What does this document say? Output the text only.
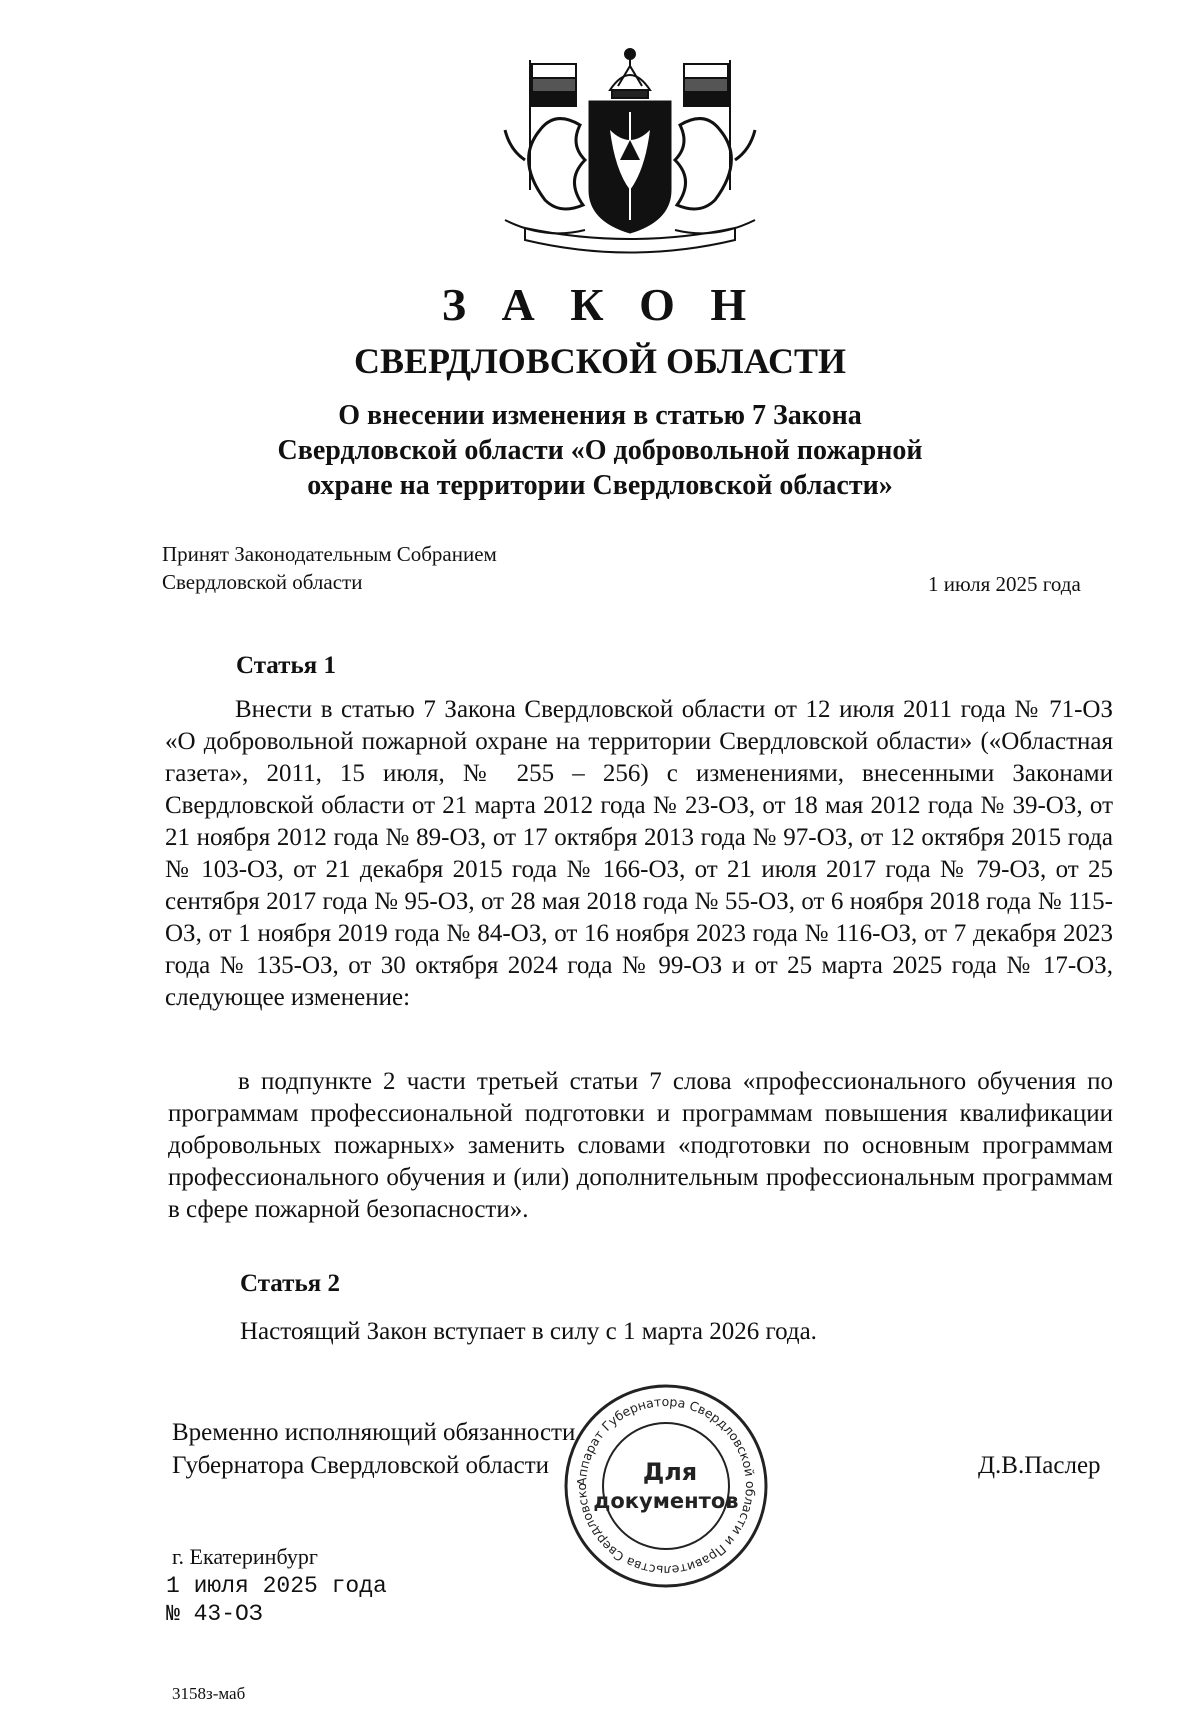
З А К О Н
СВЕРДЛОВСКОЙ ОБЛАСТИ
О внесении изменения в статью 7 Закона
Свердловской области «О добровольной пожарной
охране на территории Свердловской области»
Принят Законодательным Собранием
Свердловской области	1 июля 2025 года
Статья 1
Внести в статью 7 Закона Свердловской области от 12 июля 2011 года № 71-ОЗ «О добровольной пожарной охране на территории Свердловской области» («Областная газета», 2011, 15 июля, № 255 – 256) с изменениями, внесенными Законами Свердловской области от 21 марта 2012 года № 23-ОЗ, от 18 мая 2012 года № 39-ОЗ, от 21 ноября 2012 года № 89-ОЗ, от 17 октября 2013 года № 97-ОЗ, от 12 октября 2015 года № 103-ОЗ, от 21 декабря 2015 года № 166-ОЗ, от 21 июля 2017 года № 79-ОЗ, от 25 сентября 2017 года № 95-ОЗ, от 28 мая 2018 года № 55-ОЗ, от 6 ноября 2018 года № 115-ОЗ, от 1 ноября 2019 года № 84-ОЗ, от 16 ноября 2023 года № 116-ОЗ, от 7 декабря 2023 года № 135-ОЗ, от 30 октября 2024 года № 99-ОЗ и от 25 марта 2025 года № 17-ОЗ, следующее изменение:
в подпункте 2 части третьей статьи 7 слова «профессионального обучения по программам профессиональной подготовки и программам повышения квалификации добровольных пожарных» заменить словами «подготовки по основным программам профессионального обучения и (или) дополнительным профессиональным программам в сфере пожарной безопасности».
Статья 2
Настоящий Закон вступает в силу с 1 марта 2026 года.
Временно исполняющий обязанности
Губернатора Свердловской области	Д.В.Паслер
г. Екатеринбург
1 июля 2025 года
№ 43-ОЗ
Аппарат Губернатора Свердловской области и Правительства Свердловско
Для
документов
3158з-маб
